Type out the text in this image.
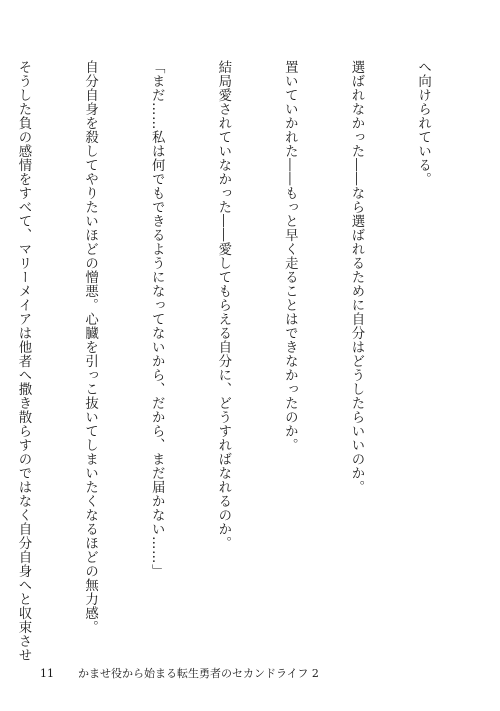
へ向けられている。

選ばれなかった――なら選ばれるために自分はどうしたらいいのか。

置いていかれた――もっと早く走ることはできなかったのか。

結局愛されていなかった――愛してもらえる自分に、どうすればなれるのか。

「まだ……私は何でもできるようになってないから、だから、まだ届かない……」

自分自身を殺してやりたいほどの憎悪。心臓を引っこ抜いてしまいたくなるほどの無力感。

そうした負の感情をすべて、マリーメイアは他者へ撒き散らすのではなく自分自身へと収束させ

11 かませ役から始まる転生勇者のセカンドライフ 2
